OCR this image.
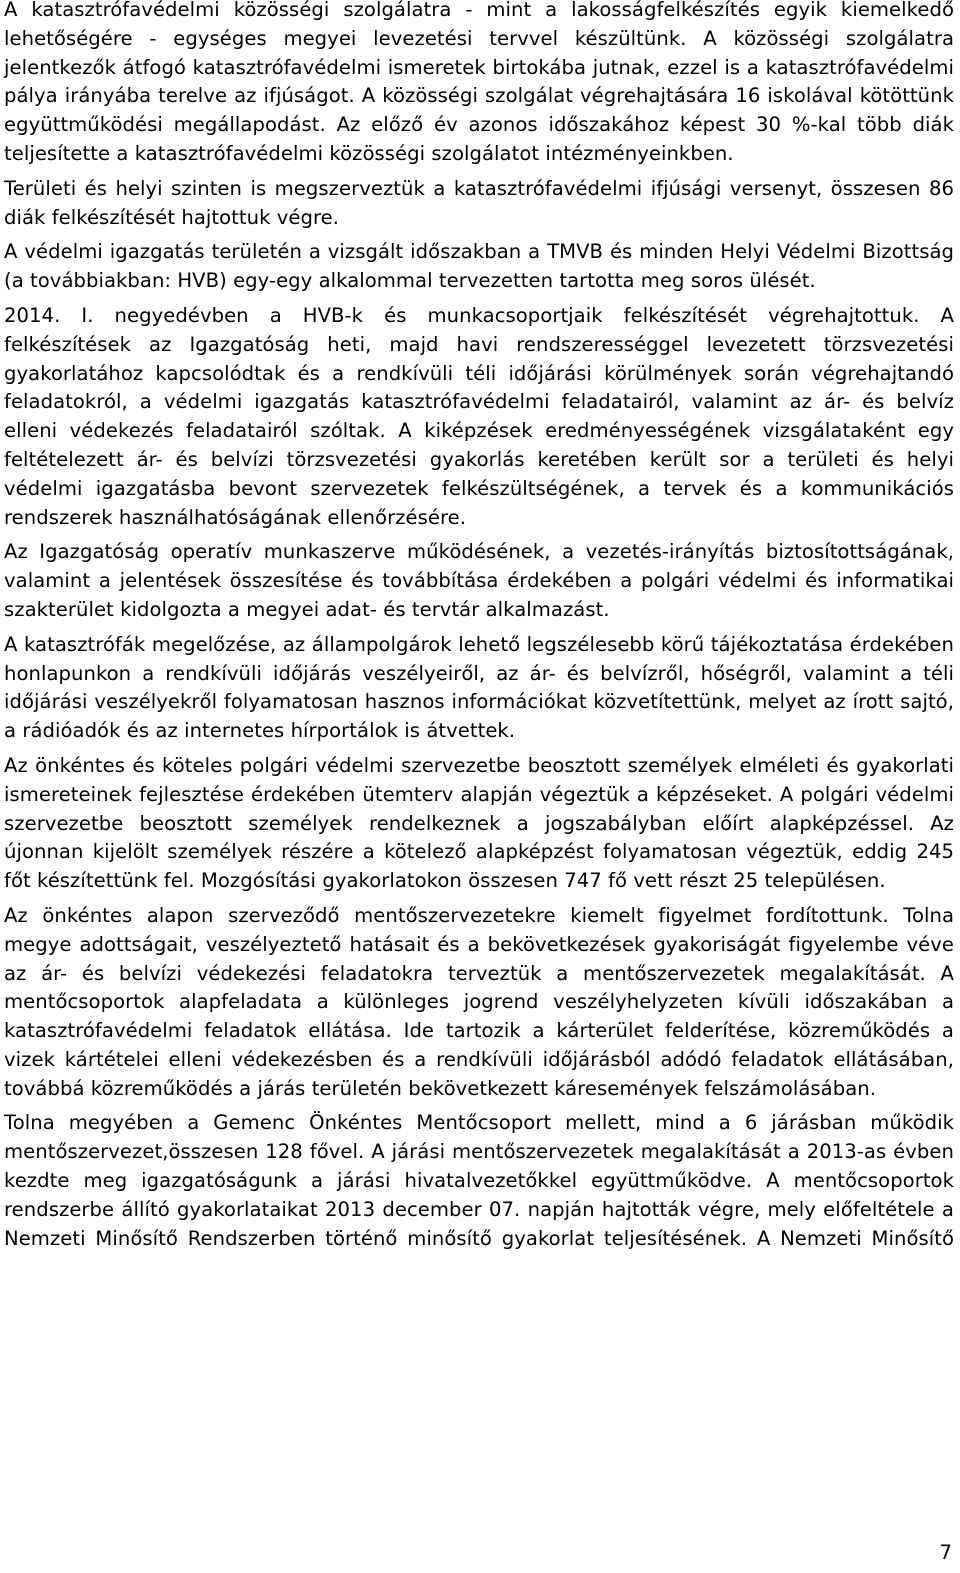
A katasztrófavédelmi közösségi szolgálatra - mint a lakosságfelkészítés egyik kiemelkedő lehetőségére - egységes megyei levezetési tervvel készültünk. A közösségi szolgálatra jelentkezők átfogó katasztrófavédelmi ismeretek birtokába jutnak, ezzel is a katasztrófavédelmi pálya irányába terelve az ifjúságot. A közösségi szolgálat végrehajtására 16 iskolával kötöttünk együttműködési megállapodást. Az előző év azonos időszakához képest 30 %-kal több diák teljesítette a katasztrófavédelmi közösségi szolgálatot intézményeinkben.

Területi és helyi szinten is megszerveztük a katasztrófavédelmi ifjúsági versenyt, összesen 86 diák felkészítését hajtottuk végre.

A védelmi igazgatás területén a vizsgált időszakban a TMVB és minden Helyi Védelmi Bizottság (a továbbiakban: HVB) egy-egy alkalommal tervezetten tartotta meg soros ülését.

2014. I. negyedévben a HVB-k és munkacsoportjaik felkészítését végrehajtottuk. A felkészítések az Igazgatóság heti, majd havi rendszerességgel levezetett törzsvezetési gyakorlatához kapcsolódtak és a rendkívüli téli időjárási körülmények során végrehajtandó feladatokról, a védelmi igazgatás katasztrófavédelmi feladatairól, valamint az ár- és belvíz elleni védekezés feladatairól szóltak. A kiképzések eredményességének vizsgálataként egy feltételezett ár- és belvízi törzsvezetési gyakorlás keretében került sor a területi és helyi védelmi igazgatásba bevont szervezetek felkészültségének, a tervek és a kommunikációs rendszerek használhatóságának ellenőrzésére.

Az Igazgatóság operatív munkaszerve működésének, a vezetés-irányítás biztosítottságának, valamint a jelentések összesítése és továbbítása érdekében a polgári védelmi és informatikai szakterület kidolgozta a megyei adat- és tervtár alkalmazást.

A katasztrófák megelőzése, az állampolgárok lehető legszélesebb körű tájékoztatása érdekében honlapunkon a rendkívüli időjárás veszélyeiről, az ár- és belvízről, hőségről, valamint a téli időjárási veszélyekről folyamatosan hasznos információkat közvetítettünk, melyet az írott sajtó, a rádióadók és az internetes hírportálok is átvettek.

Az önkéntes és köteles polgári védelmi szervezetbe beosztott személyek elméleti és gyakorlati ismereteinek fejlesztése érdekében ütemterv alapján végeztük a képzéseket. A polgári védelmi szervezetbe beosztott személyek rendelkeznek a jogszabályban előírt alapképzéssel. Az újonnan kijelölt személyek részére a kötelező alapképzést folyamatosan végeztük, eddig 245 főt készítettünk fel. Mozgósítási gyakorlatokon összesen 747 fő vett részt 25 településen.

Az önkéntes alapon szerveződő mentőszervezetekre kiemelt figyelmet fordítottunk. Tolna megye adottságait, veszélyeztető hatásait és a bekövetkezések gyakoriságát figyelembe véve az ár- és belvízi védekezési feladatokra terveztük a mentőszervezetek megalakítását. A mentőcsoportok alapfeladata a különleges jogrend veszélyhelyzeten kívüli időszakában a katasztrófavédelmi feladatok ellátása. Ide tartozik a kárterület felderítése, közreműködés a vizek kártételei elleni védekezésben és a rendkívüli időjárásból adódó feladatok ellátásában, továbbá közreműködés a járás területén bekövetkezett káresemények felszámolásában.

Tolna megyében a Gemenc Önkéntes Mentőcsoport mellett, mind a 6 járásban működik mentőszervezet,összesen 128 fővel. A járási mentőszervezetek megalakítását a 2013-as évben kezdte meg igazgatóságunk a járási hivatalvezetőkkel együttműködve. A mentőcsoportok rendszerbe állító gyakorlataikat 2013 december 07. napján hajtották végre, mely előfeltétele a Nemzeti Minősítő Rendszerben történő minősítő gyakorlat teljesítésének. A Nemzeti Minősítő

7
